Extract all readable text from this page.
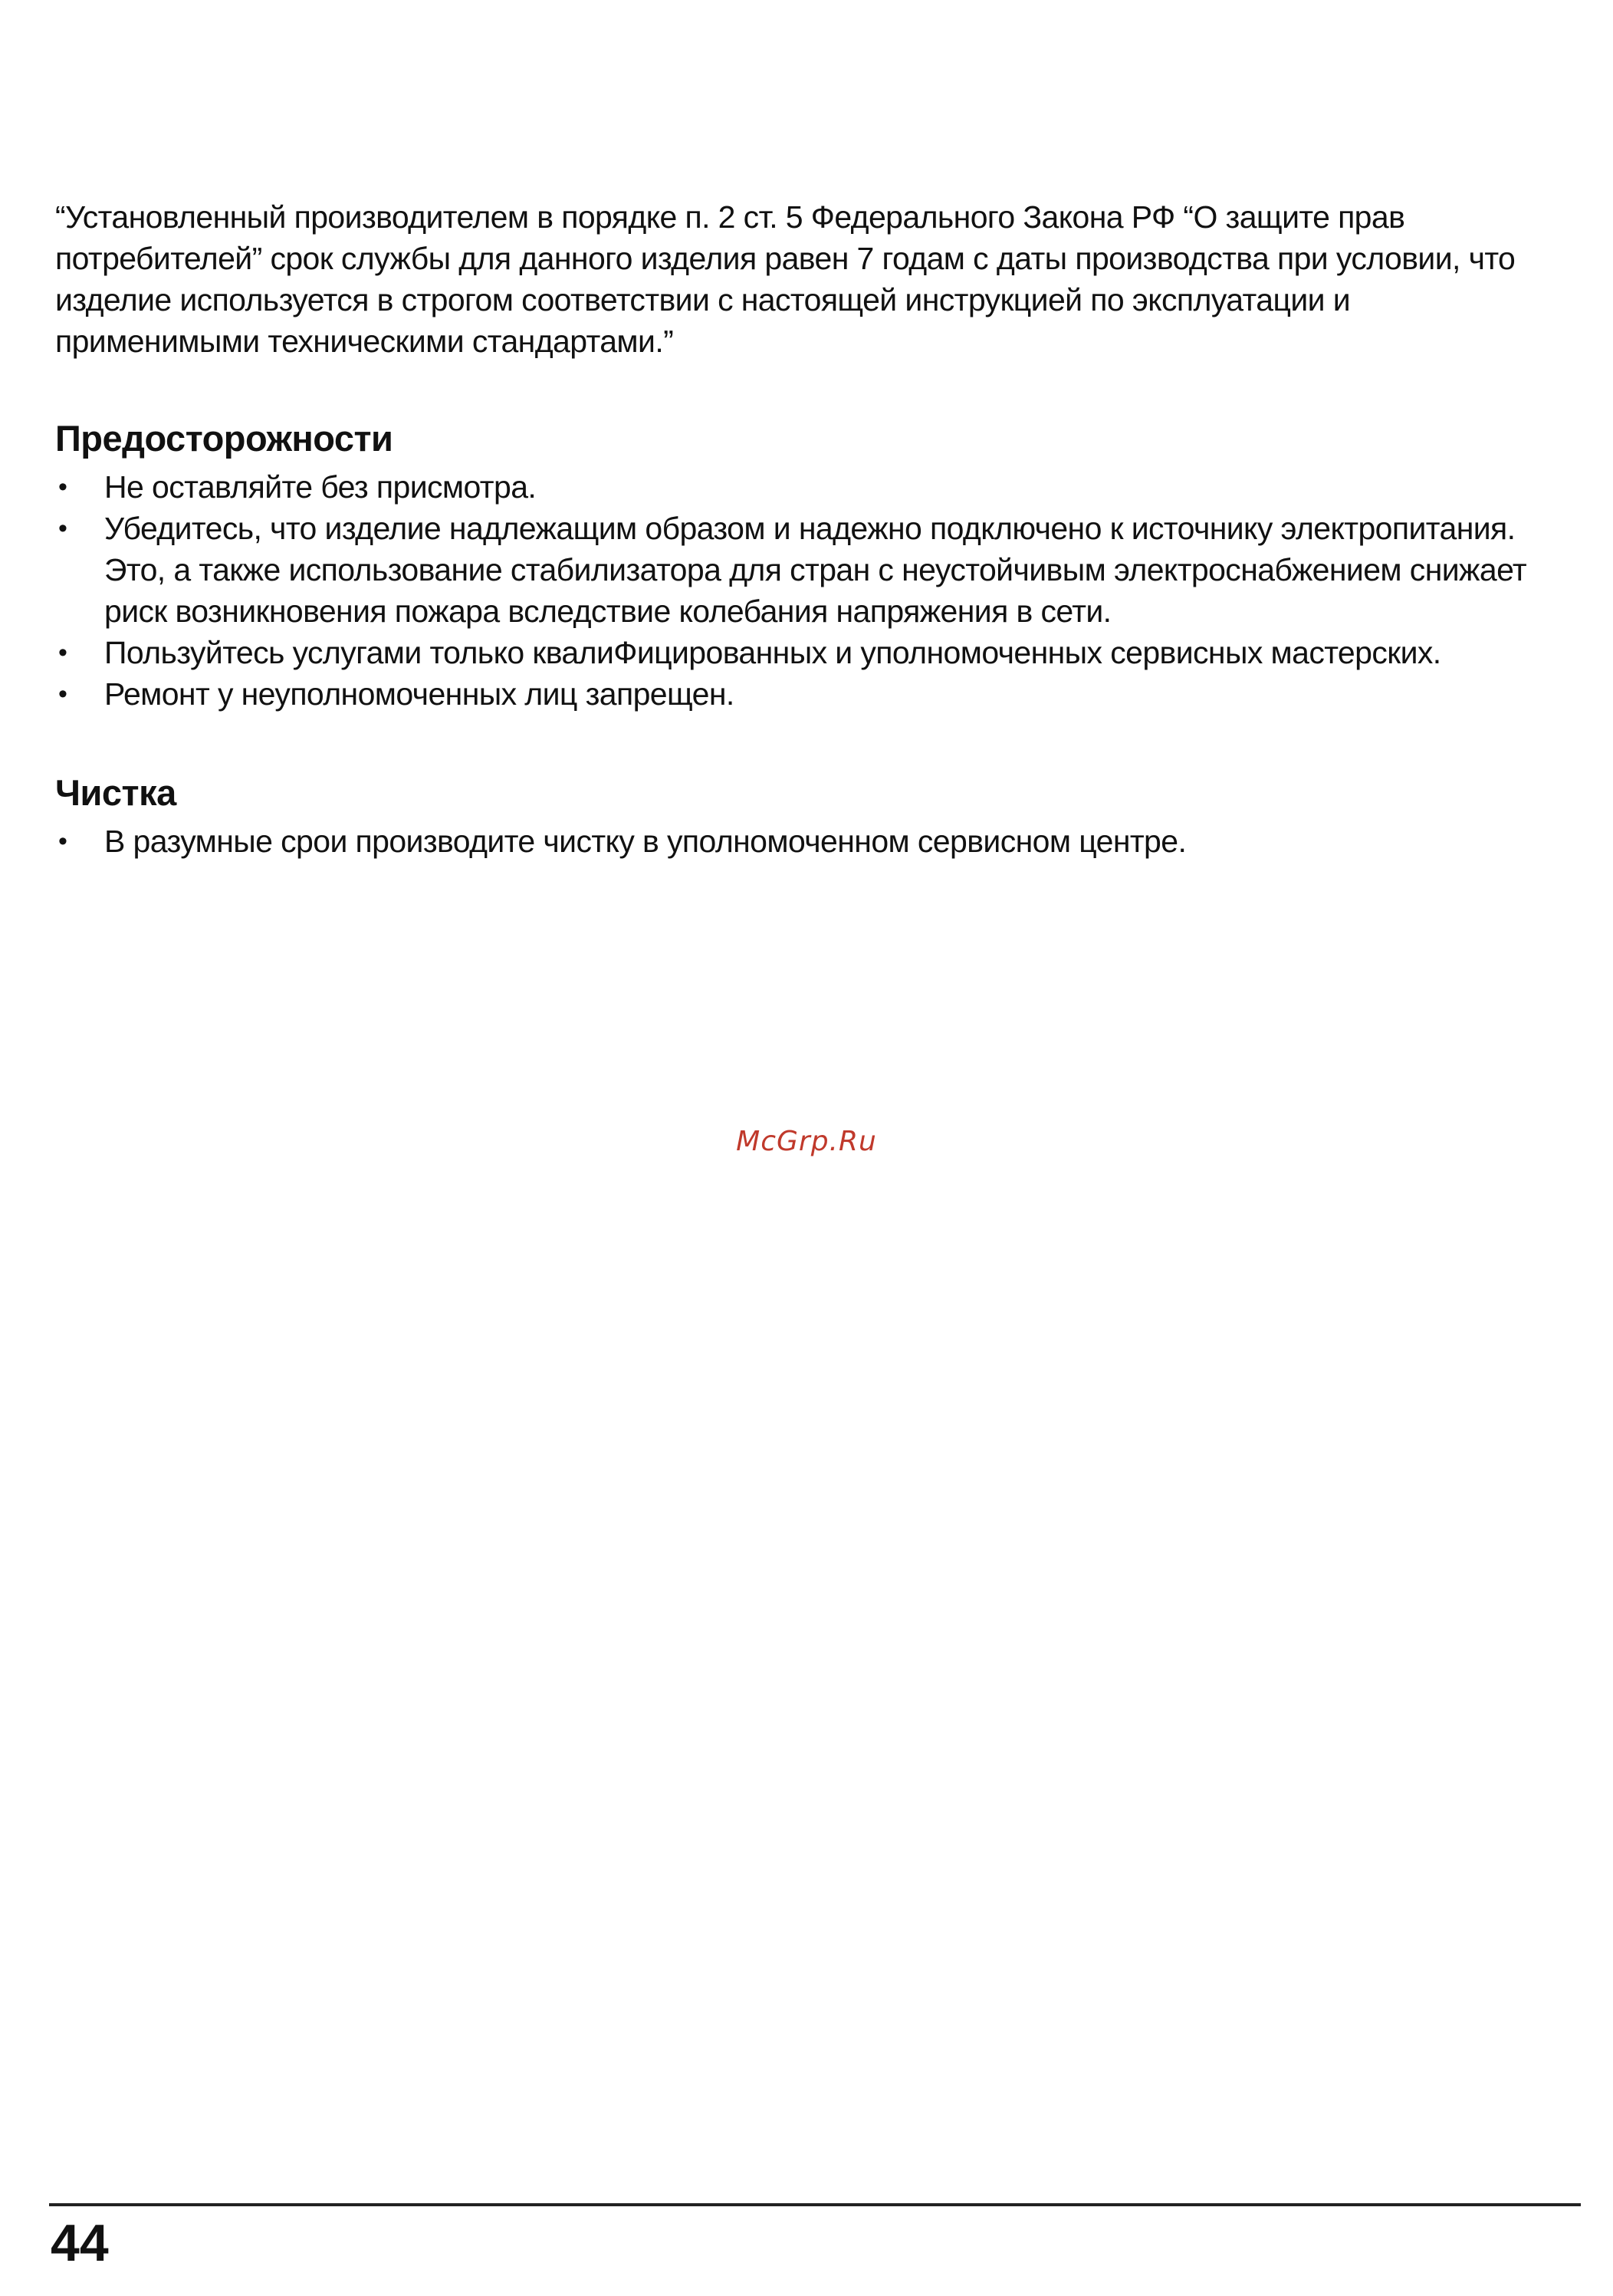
“Установленный производителем в порядке п. 2 ст. 5 Федерального Закона РФ “О защите прав потребителей” срок службы для данного изделия равен 7 годам с даты производства при условии, что изделие используется в строгом соответствии с настоящей инструкцией по эксплуатации и применимыми техническими стандартами.”

Предосторожности
• Не оставляйте без присмотра.
• Убедитесь, что изделие надлежащим образом и надежно подключено к источнику электропитания. Это, а также использование стабилизатора для стран с неустойчивым электроснабжением снижает риск возникновения пожара вследствие колебания напряжения в сети.
• Пользуйтесь услугами только квалиФицированных и уполномоченных сервисных мастерских.
• Ремонт у неуполномоченных лиц запрещен.
Чистка
• В разумные срои производите чистку в уполномоченном сервисном центре.
McGrp.Ru
44
